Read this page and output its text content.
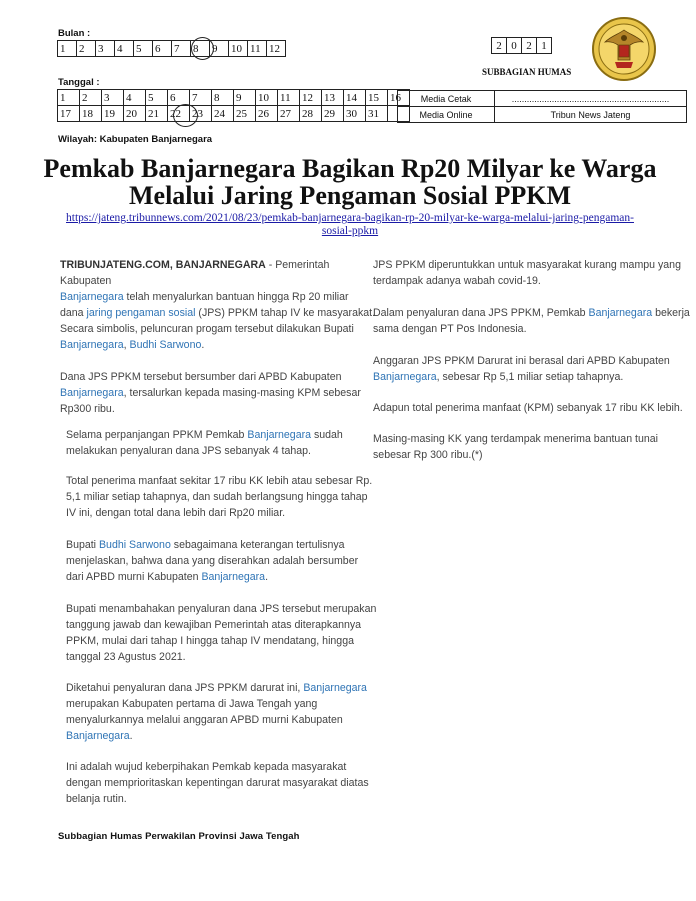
Bulan :
1	2	3	4	5	6	7	8	9	10	11	12
Tanggal :
1	2	3	4	5	6	7	8	9	10	11	12	13	14	15	16
17	18	19	20	21	22	23	24	25	26	27	28	29	30	31	
2	0	2	1
SUBBAGIAN HUMAS
Media Cetak	...............................................................
Media Online	Tribun News Jateng
Wilayah: Kabupaten Banjarnegara
Pemkab Banjarnegara Bagikan Rp20 Milyar ke Warga
Melalui Jaring Pengaman Sosial PPKM
https://jateng.tribunnews.com/2021/08/23/pemkab-banjarnegara-bagikan-rp-20-milyar-ke-warga-melalui-jaring-pengaman-
sosial-ppkm
TRIBUNJATENG.COM, BANJARNEGARA - Pemerintah Kabupaten
Banjarnegara telah menyalurkan bantuan hingga Rp 20 miliar
dana jaring pengaman sosial (JPS) PPKM tahap IV ke masyarakat.
Secara simbolis, peluncuran progam tersebut dilakukan Bupati
Banjarnegara, Budhi Sarwono.
Dana JPS PPKM tersebut bersumber dari APBD Kabupaten
Banjarnegara, tersalurkan kepada masing-masing KPM sebesar
Rp300 ribu.
Selama perpanjangan PPKM Pemkab Banjarnegara sudah
melakukan penyaluran dana JPS sebanyak 4 tahap.
Total penerima manfaat sekitar 17 ribu KK lebih atau sebesar Rp.
5,1 miliar setiap tahapnya, dan sudah berlangsung hingga tahap
IV ini, dengan total dana lebih dari Rp20 miliar.
Bupati Budhi Sarwono sebagaimana keterangan tertulisnya
menjelaskan, bahwa dana yang diserahkan adalah bersumber
dari APBD murni Kabupaten Banjarnegara.
Bupati menambahakan penyaluran dana JPS tersebut merupakan
tanggung jawab dan kewajiban Pemerintah atas diterapkannya
PPKM, mulai dari tahap I hingga tahap IV mendatang, hingga
tanggal 23 Agustus 2021.
Diketahui penyaluran dana JPS PPKM darurat ini, Banjarnegara
merupakan Kabupaten pertama di Jawa Tengah yang
menyalurkannya melalui anggaran APBD murni Kabupaten
Banjarnegara.
Ini adalah wujud keberpihakan Pemkab kepada masyarakat
dengan memprioritaskan kepentingan darurat masyarakat diatas
belanja rutin.
JPS PPKM diperuntukkan untuk masyarakat kurang mampu yang
terdampak adanya wabah covid-19.
Dalam penyaluran dana JPS PPKM, Pemkab Banjarnegara bekerja
sama dengan PT Pos Indonesia.
Anggaran JPS PPKM Darurat ini berasal dari APBD Kabupaten
Banjarnegara, sebesar Rp 5,1 miliar setiap tahapnya.
Adapun total penerima manfaat (KPM) sebanyak 17 ribu KK lebih.
Masing-masing KK yang terdampak menerima bantuan tunai
sebesar Rp 300 ribu.(*)
Subbagian Humas Perwakilan Provinsi Jawa Tengah
